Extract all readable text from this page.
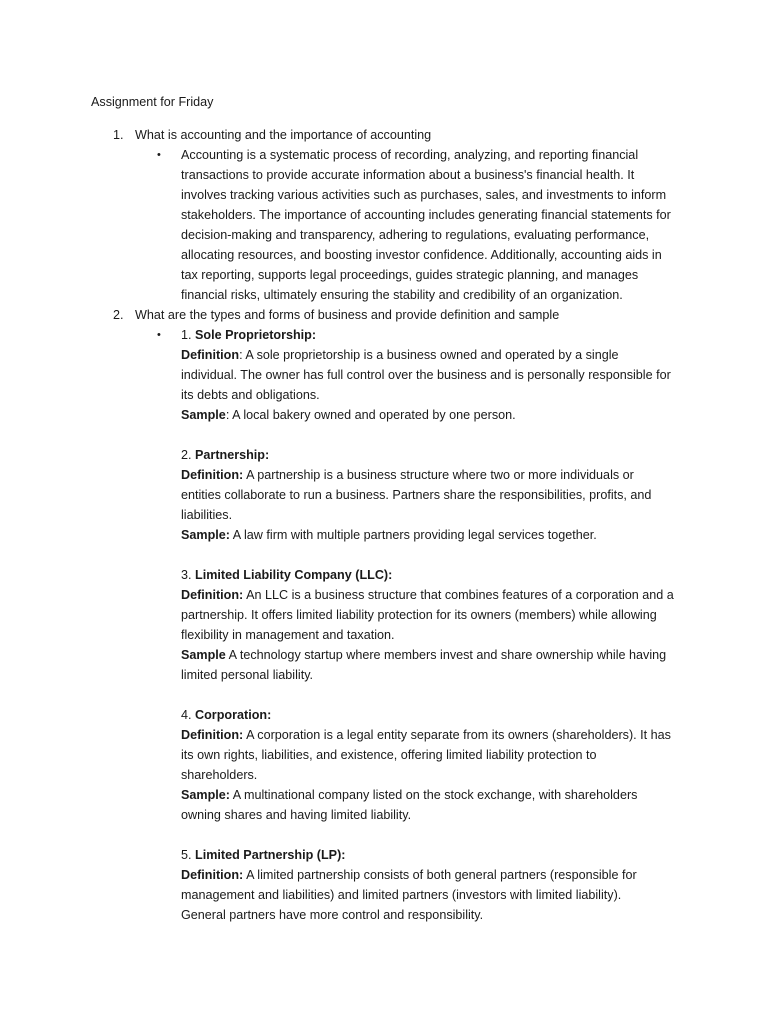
Assignment for Friday
1. What is accounting and the importance of accounting
• Accounting is a systematic process of recording, analyzing, and reporting financial
transactions to provide accurate information about a business's financial health. It
involves tracking various activities such as purchases, sales, and investments to inform
stakeholders. The importance of accounting includes generating financial statements for
decision-making and transparency, adhering to regulations, evaluating performance,
allocating resources, and boosting investor confidence. Additionally, accounting aids in
tax reporting, supports legal proceedings, guides strategic planning, and manages
financial risks, ultimately ensuring the stability and credibility of an organization.
2. What are the types and forms of business and provide definition and sample
• 1. Sole Proprietorship:
Definition: A sole proprietorship is a business owned and operated by a single
individual. The owner has full control over the business and is personally responsible for
its debts and obligations.
Sample: A local bakery owned and operated by one person.
2. Partnership:
Definition: A partnership is a business structure where two or more individuals or
entities collaborate to run a business. Partners share the responsibilities, profits, and
liabilities.
Sample: A law firm with multiple partners providing legal services together.
3. Limited Liability Company (LLC):
Definition: An LLC is a business structure that combines features of a corporation and a
partnership. It offers limited liability protection for its owners (members) while allowing
flexibility in management and taxation.
Sample A technology startup where members invest and share ownership while having
limited personal liability.
4. Corporation:
Definition: A corporation is a legal entity separate from its owners (shareholders). It has
its own rights, liabilities, and existence, offering limited liability protection to
shareholders.
Sample: A multinational company listed on the stock exchange, with shareholders
owning shares and having limited liability.
5. Limited Partnership (LP):
Definition: A limited partnership consists of both general partners (responsible for
management and liabilities) and limited partners (investors with limited liability).
General partners have more control and responsibility.
